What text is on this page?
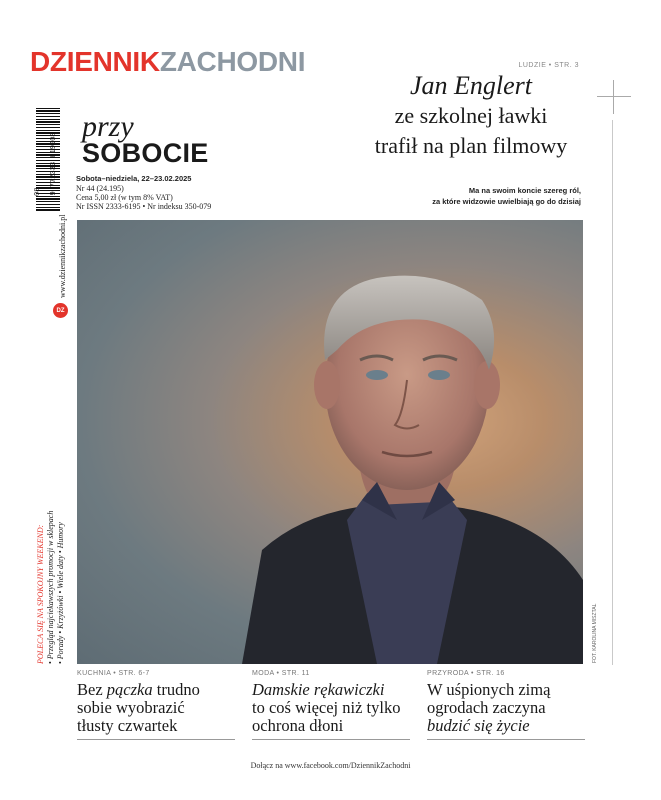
DZIENNIKZACHODNI
przy
SOBOCIE
Sobota–niedziela, 22–23.02.2025
Nr 44 (24.195)
Cena 5,00 zł (w tym 8% VAT)
Nr ISSN 2333-6195 • Nr indeksu 350-079
9 772333 619008
08
www.dziennikzachodni.pl
DZ
POLECA SIĘ NA SPOKOJNY WEEKEND: • Przegląd najciekawszych promocji w sklepach • Porady • Krzyżówki • Wiele daty • Humory
LUDZIE • STR. 3
Jan Englert
ze szkolnej ławki
trafił na plan filmowy
Ma na swoim koncie szereg ról,
za które widzowie uwielbiają go do dzisiaj
FOT. KAROLINA MISZTAL
KUCHNIA • STR. 6-7
Bez pączka trudno
sobie wyobrazić
tłusty czwartek
MODA • STR. 11
Damskie rękawiczki
to coś więcej niż tylko
ochrona dłoni
PRZYRODA • STR. 16
W uśpionych zimą
ogrodach zaczyna
budzić się życie
Dołącz na www.facebook.com/DziennikZachodni
